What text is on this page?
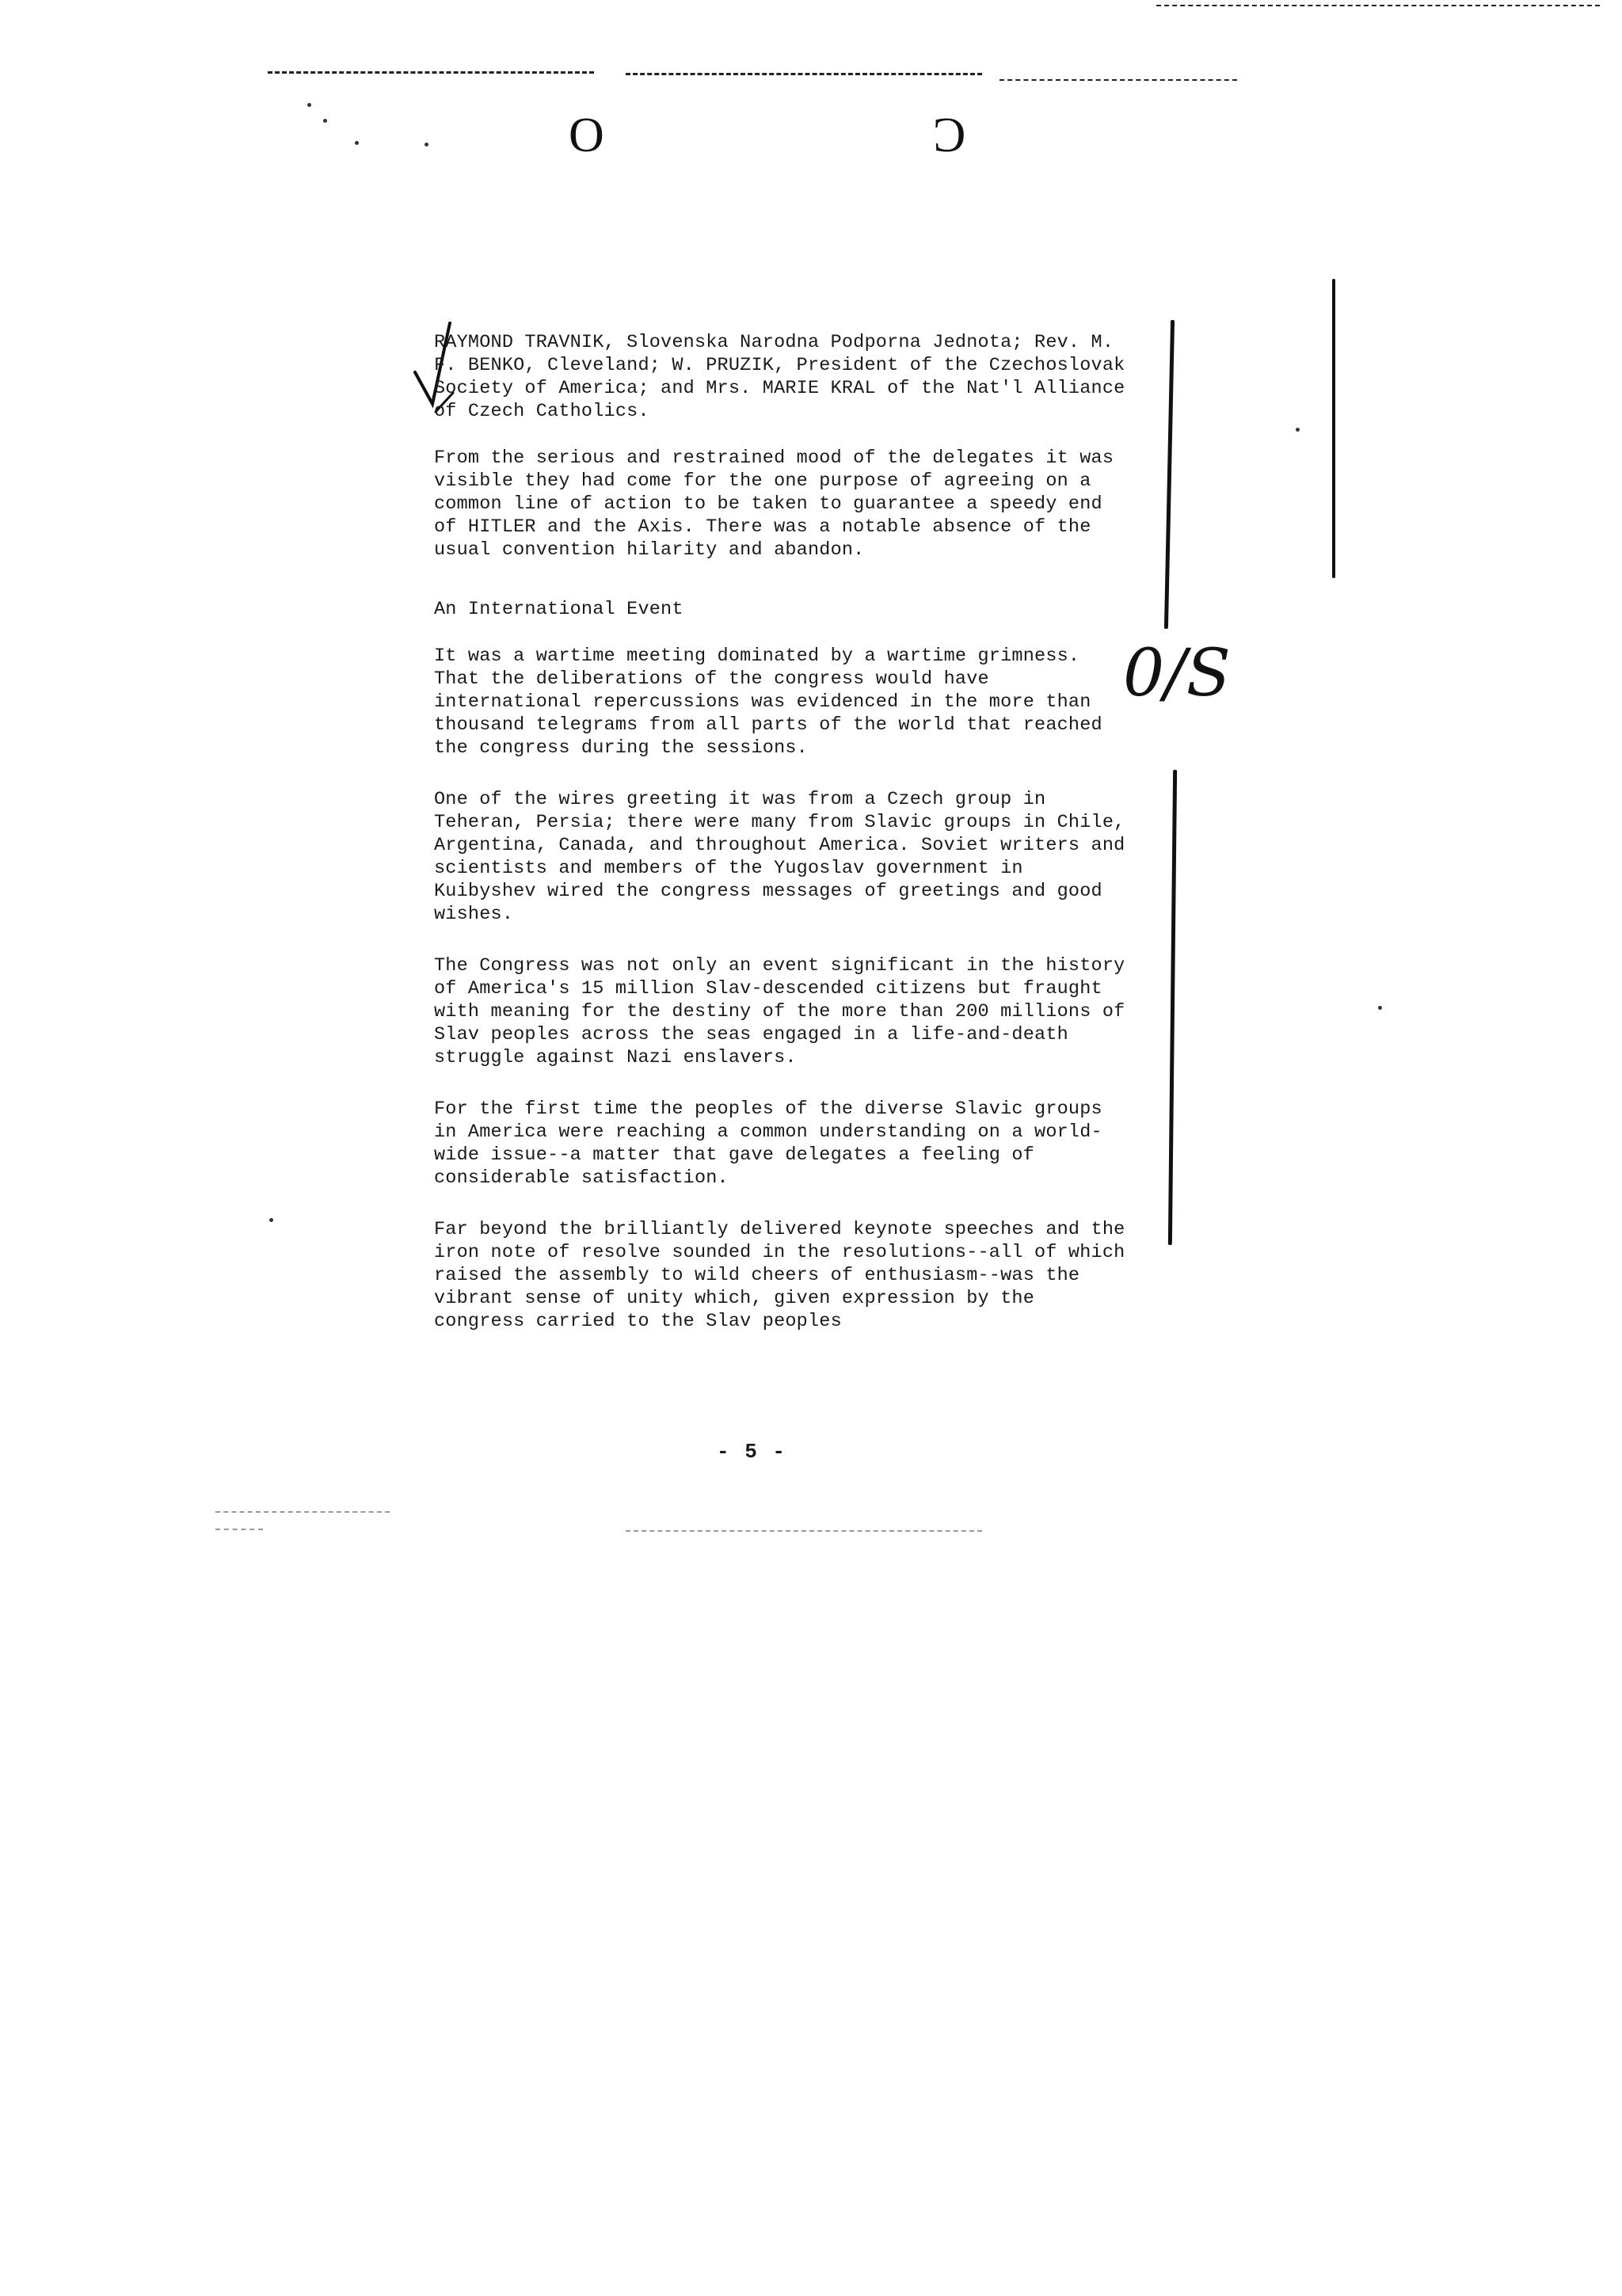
O	Ɔ

RAYMOND TRAVNIK, Slovenska Narodna Podporna Jednota; Rev. M. F. BENKO, Cleveland; W. PRUZIK, President of the Czechoslovak Society of America; and Mrs. MARIE KRAL of the Nat'l Alliance of Czech Catholics.

From the serious and restrained mood of the delegates it was visible they had come for the one purpose of agreeing on a common line of action to be taken to guarantee a speedy end of HITLER and the Axis. There was a notable absence of the usual convention hilarity and abandon.

An International Event

It was a wartime meeting dominated by a wartime grimness. That the deliberations of the congress would have international repercussions was evidenced in the more than thousand telegrams from all parts of the world that reached the congress during the sessions.

One of the wires greeting it was from a Czech group in Teheran, Persia; there were many from Slavic groups in Chile, Argentina, Canada, and throughout America. Soviet writers and scientists and members of the Yugoslav government in Kuibyshev wired the congress messages of greetings and good wishes.

The Congress was not only an event significant in the history of America's 15 million Slav-descended citizens but fraught with meaning for the destiny of the more than 200 millions of Slav peoples across the seas engaged in a life-and-death struggle against Nazi enslavers.

For the first time the peoples of the diverse Slavic groups in America were reaching a common understanding on a world-wide issue--a matter that gave delegates a feeling of considerable satisfaction.

Far beyond the brilliantly delivered keynote speeches and the iron note of resolve sounded in the resolutions--all of which raised the assembly to wild cheers of enthusiasm--was the vibrant sense of unity which, given expression by the congress carried to the Slav peoples

0/S
- 5 -
